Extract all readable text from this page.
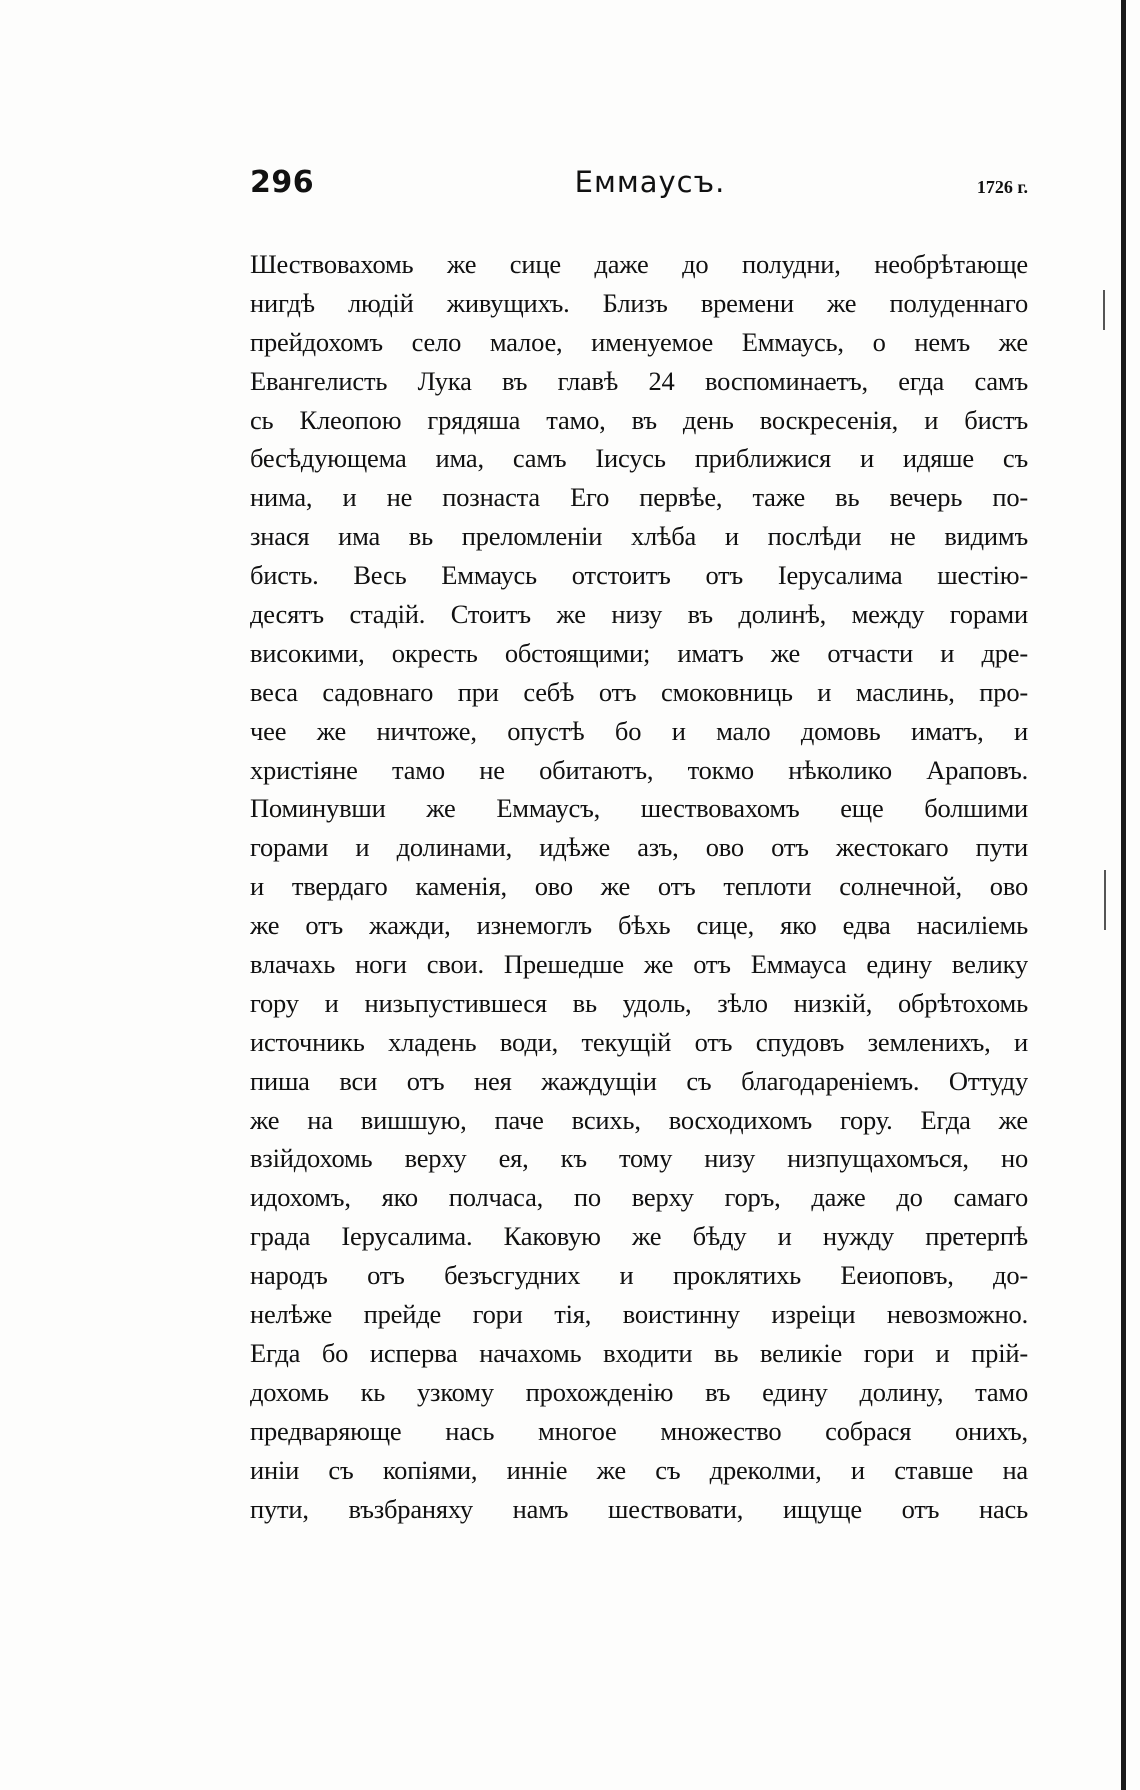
296	Еммаусъ.	1726 г.
Шествовахомь же сице даже до полудни, необрѣтающе
нигдѣ людій живущихъ. Близъ времени же полуденнаго
прейдохомъ село малое, именуемое Еммаусь, о немъ же
Евангелисть Лука въ главѣ 24 воспоминаетъ, егда самъ
сь Клеопою грядяша тамо, въ день воскресенія, и бистъ
бесѣдующема има, самъ Іисусь приближися и идяше съ
нима, и не познаста Его первѣе, таже вь вечерь по-
знася има вь преломленіи хлѣба и послѣди не видимъ
бисть. Весь Еммаусь отстоитъ отъ Іерусалима шестію-
десятъ стадій. Стоитъ же низу въ долинѣ, между горами
високими, окресть обстоящими; иматъ же отчасти и дре-
веса садовнаго при себѣ отъ смоковниць и маслинь, про-
чее же ничтоже, опустѣ бо и мало домовь иматъ, и
христіяне тамо не обитаютъ, токмо нѣколико Араповъ.
Поминувши же Еммаусъ, шествовахомъ еще болшими
горами и долинами, идѣже азъ, ово отъ жестокаго пути
и твердаго каменія, ово же отъ теплоти солнечной, ово
же отъ жажди, изнемоглъ бѣхь сице, яко едва насиліемь
влачахь ноги свои. Прешедше же отъ Еммауса едину велику
гору и низьпустившеся вь удоль, зѣло низкій, обрѣтохомь
источникь хладень води, текущій отъ спудовъ земленихъ, и
пиша вси отъ нея жаждущіи съ благодареніемъ. Оттуду
же на вишшую, паче всихь, восходихомъ гору. Егда же
взійдохомь верху ея, къ тому низу низпущахомъся, но
идохомъ, яко полчаса, по верху горъ, даже до самаго
града Іерусалима. Каковую же бѣду и нужду претерпѣ
народъ отъ безъсгудних и проклятихь Ееиоповъ, до-
нелѣже прейде гори тія, воистинну изреіци невозможно.
Егда бо исперва начахомь входити вь великіе гори и прій-
дохомь кь узкому прохожденію въ едину долину, тамо
предваряюще нась многое множество собрася онихъ,
иніи съ копіями, инніе же съ дреколми, и ставше на
пути, възбраняху намъ шествовати, ищуще отъ нась
